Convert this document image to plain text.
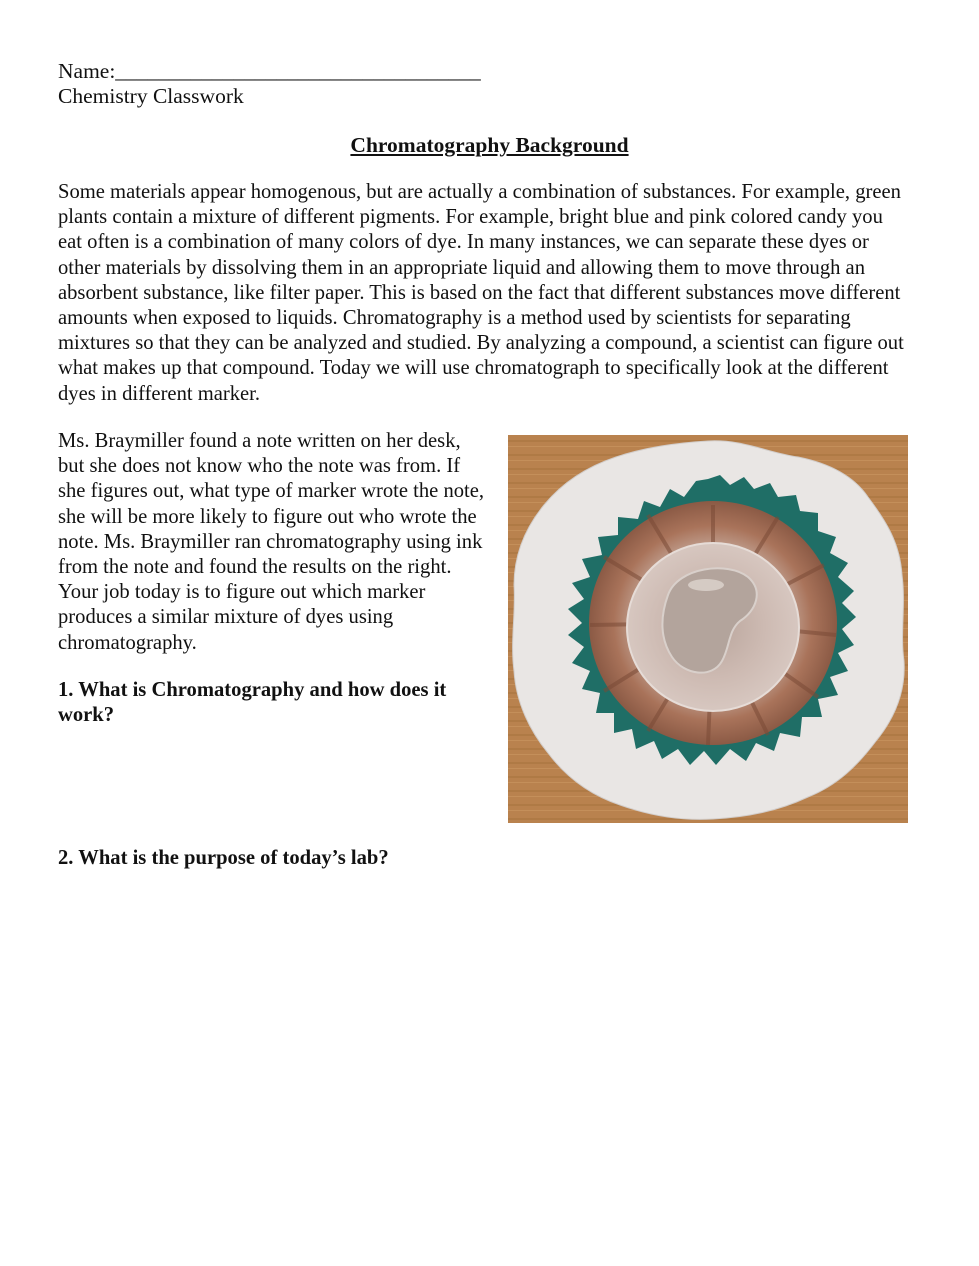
Name:__________________________________
Chemistry Classwork
Chromatography Background
Some materials appear homogenous, but are actually a combination of substances. For example, green plants contain a mixture of different pigments. For example, bright blue and pink colored candy you eat often is a combination of many colors of dye. In many instances, we can separate these dyes or other materials by dissolving them in an appropriate liquid and allowing them to move through an absorbent substance, like filter paper. This is based on the fact that different substances move different amounts when exposed to liquids. Chromatography is a method used by scientists for separating mixtures so that they can be analyzed and studied. By analyzing a compound, a scientist can figure out what makes up that compound. Today we will use chromatograph to specifically look at the different dyes in different marker.
Ms. Braymiller found a note written on her desk, but she does not know who the note was from. If she figures out, what type of marker wrote the note, she will be more likely to figure out who wrote the note. Ms. Braymiller ran chromatography using ink from the note and found the results on the right. Your job today is to figure out which marker produces a similar mixture of dyes using chromatography.
1. What is Chromatography and how does it work?
2. What is the purpose of today’s lab?
